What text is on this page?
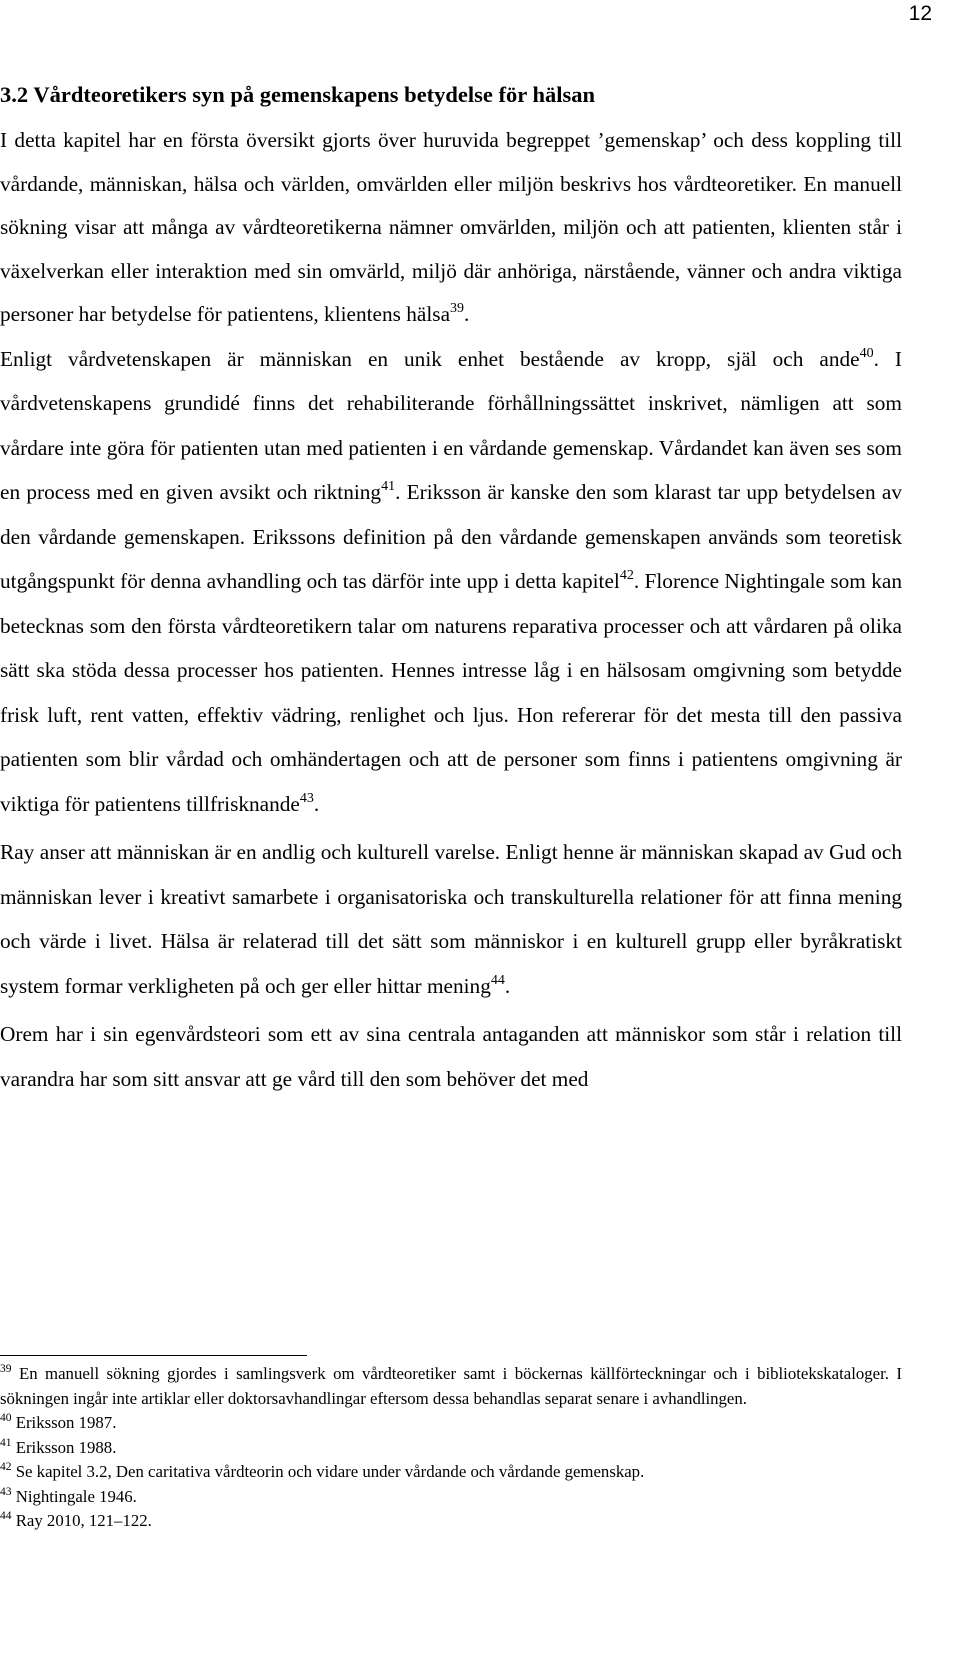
12
3.2 Vårdteoretikers syn på gemenskapens betydelse för hälsan

I detta kapitel har en första översikt gjorts över huruvida begreppet ’gemenskap’ och dess koppling till vårdande, människan, hälsa och världen, omvärlden eller miljön beskrivs hos vårdteoretiker. En manuell sökning visar att många av vårdteoretikerna nämner omvärlden, miljön och att patienten, klienten står i växelverkan eller interaktion med sin omvärld, miljö där anhöriga, närstående, vänner och andra viktiga personer har betydelse för patientens, klientens hälsa$^{39}$.

Enligt vårdvetenskapen är människan en unik enhet bestående av kropp, själ och ande$^{40}$. I vårdvetenskapens grundidé finns det rehabiliterande förhållningssättet inskrivet, nämligen att som vårdare inte göra för patienten utan med patienten i en vårdande gemenskap. Vårdandet kan även ses som en process med en given avsikt och riktning$^{41}$. Eriksson är kanske den som klarast tar upp betydelsen av den vårdande gemenskapen. Erikssons definition på den vårdande gemenskapen används som teoretisk utgångspunkt för denna avhandling och tas därför inte upp i detta kapitel$^{42}$. Florence Nightingale som kan betecknas som den första vårdteoretikern talar om naturens reparativa processer och att vårdaren på olika sätt ska stöda dessa processer hos patienten. Hennes intresse låg i en hälsosam omgivning som betydde frisk luft, rent vatten, effektiv vädring, renlighet och ljus. Hon refererar för det mesta till den passiva patienten som blir vårdad och omhändertagen och att de personer som finns i patientens omgivning är viktiga för patientens tillfrisknande$^{43}$.

Ray anser att människan är en andlig och kulturell varelse. Enligt henne är människan skapad av Gud och människan lever i kreativt samarbete i organisatoriska och transkulturella relationer för att finna mening och värde i livet. Hälsa är relaterad till det sätt som människor i en kulturell grupp eller byråkratiskt system formar verkligheten på och ger eller hittar mening$^{44}$.

Orem har i sin egenvårdsteori som ett av sina centrala antaganden att människor som står i relation till varandra har som sitt ansvar att ge vård till den som behöver det med

$^{39}$ En manuell sökning gjordes i samlingsverk om vårdteoretiker samt i böckernas källförteckningar och i bibliotekskataloger. I sökningen ingår inte artiklar eller doktorsavhandlingar eftersom dessa behandlas separat senare i avhandlingen.

$^{40}$ Eriksson 1987.

$^{41}$ Eriksson 1988.

$^{42}$ Se kapitel 3.2, Den caritativa vårdteorin och vidare under vårdande och vårdande gemenskap.

$^{43}$ Nightingale 1946.

$^{44}$ Ray 2010, 121–122.
